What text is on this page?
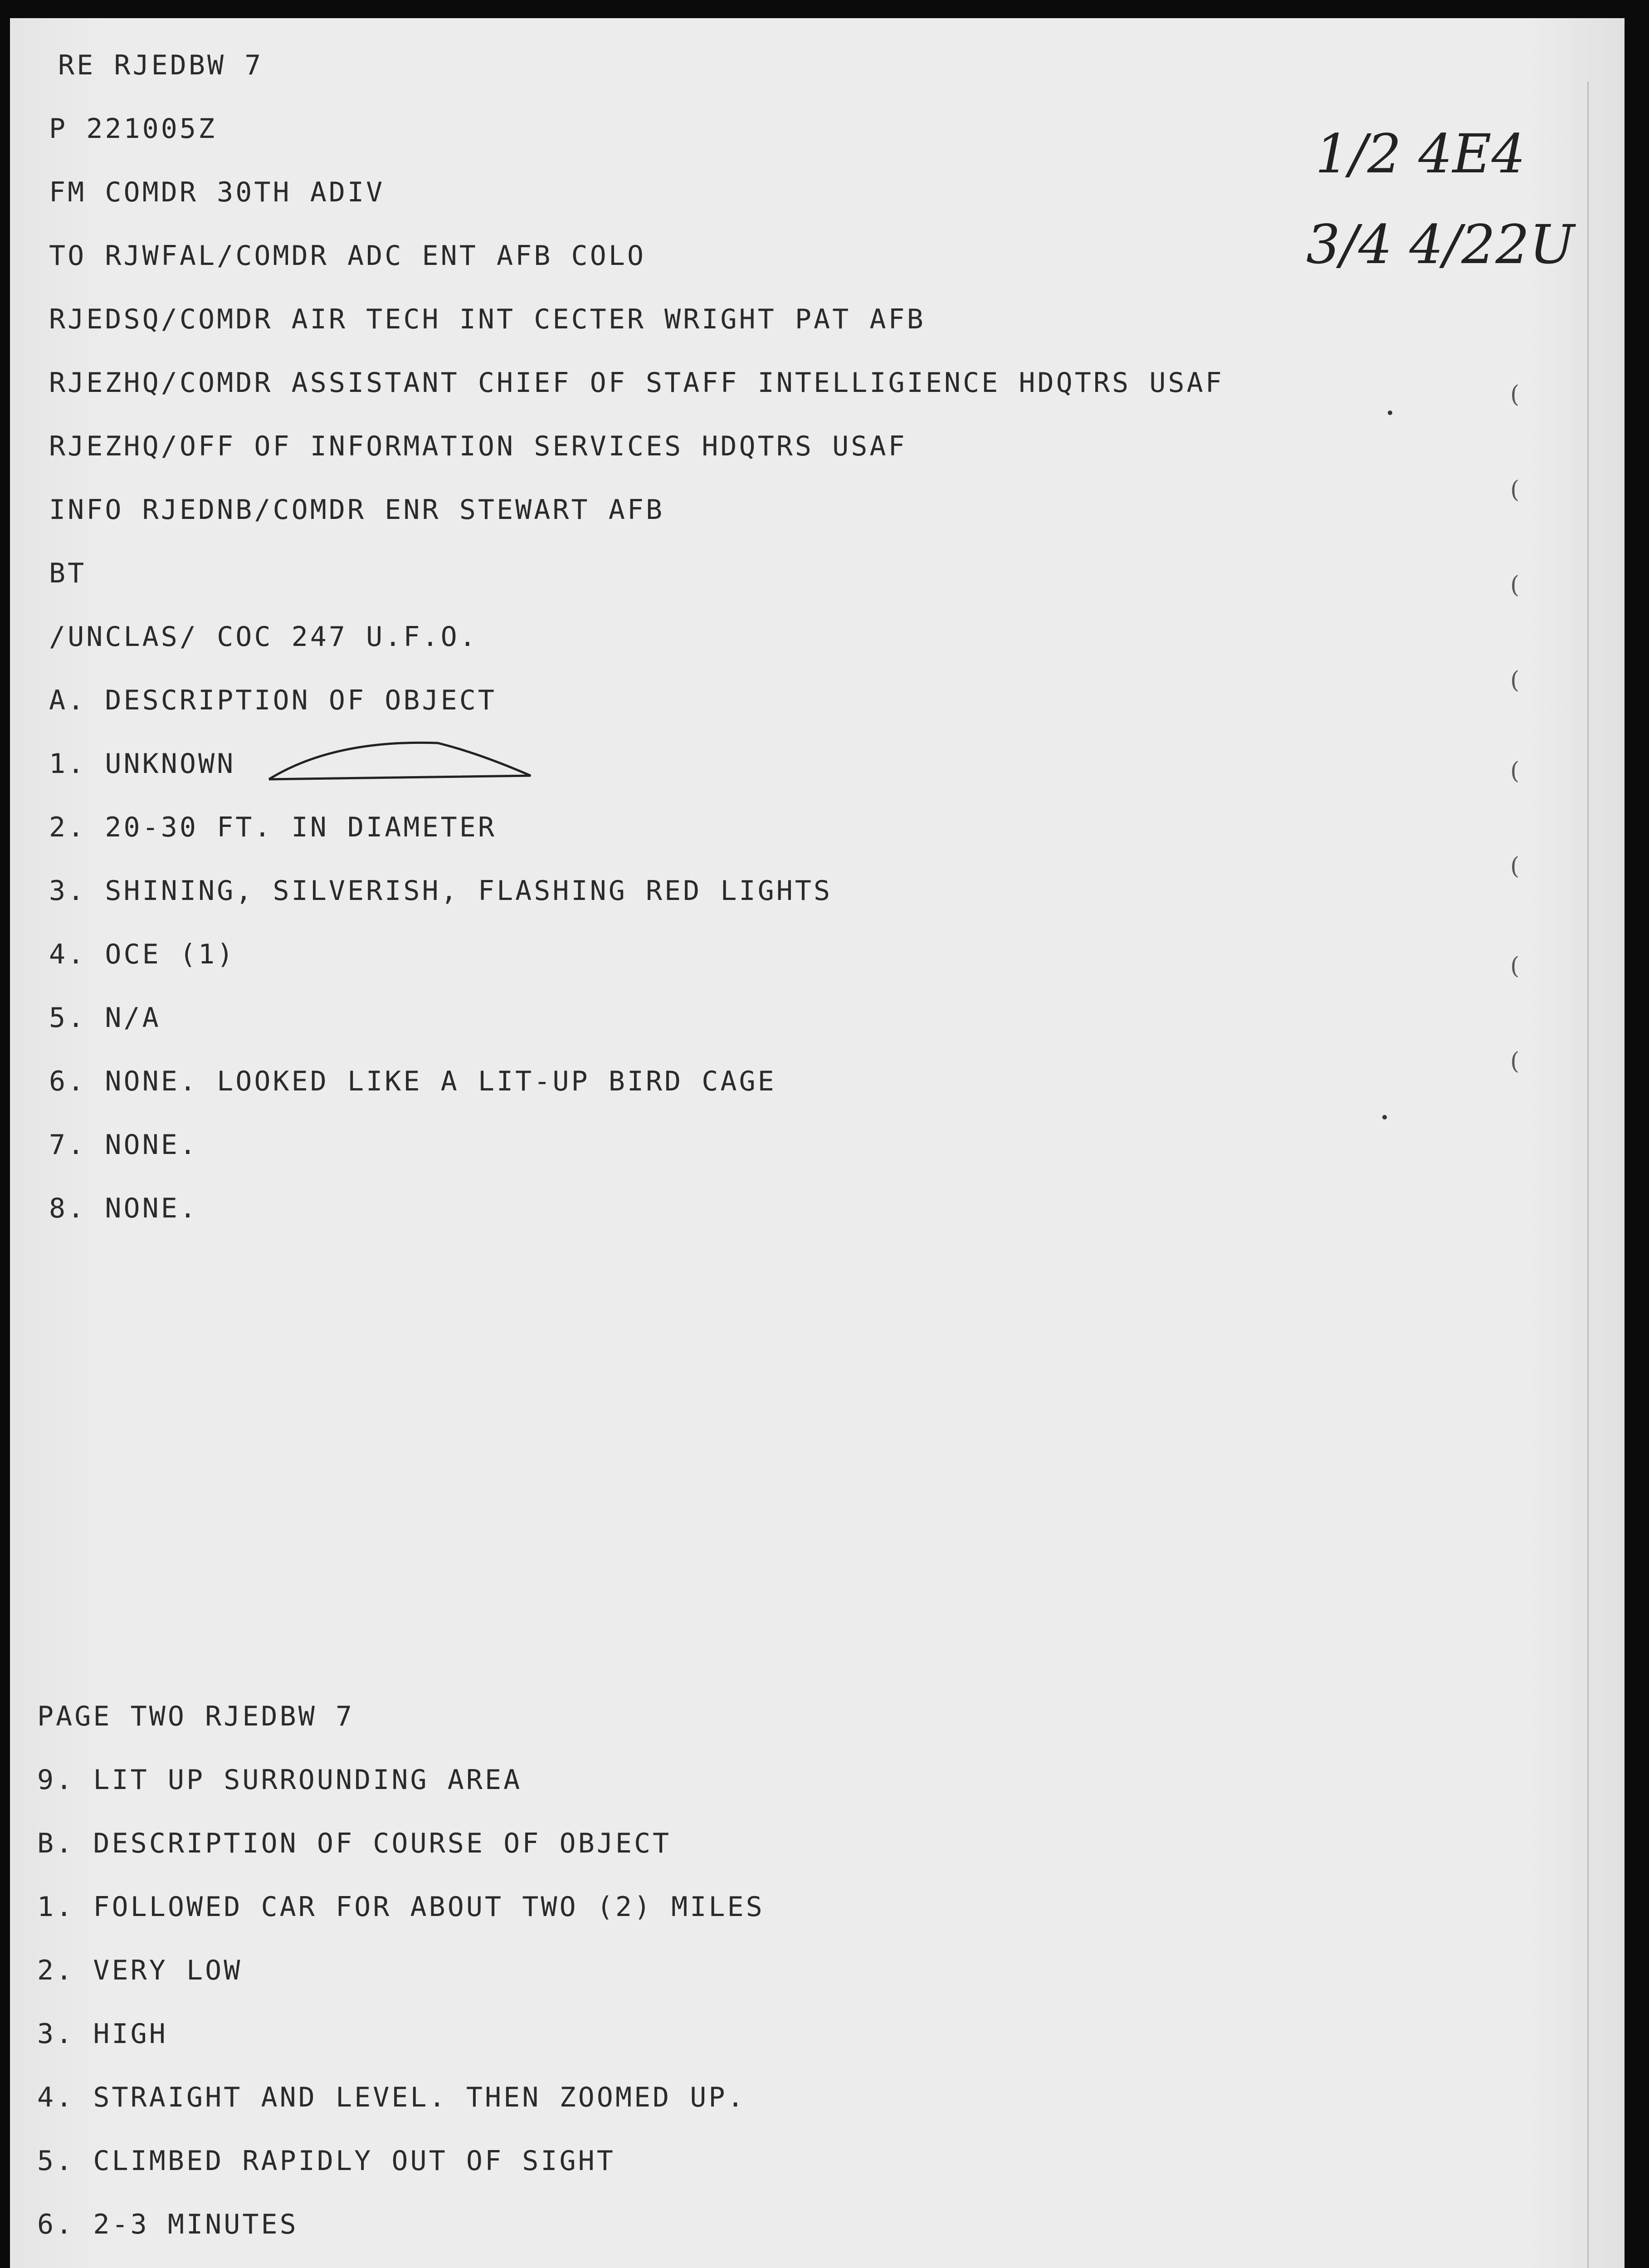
RE RJEDBW 7

P 221005Z

FM COMDR 30TH ADIV

TO RJWFAL/COMDR ADC ENT AFB COLO

RJEDSQ/COMDR AIR TECH INT CECTER WRIGHT PAT AFB

RJEZHQ/COMDR ASSISTANT CHIEF OF STAFF INTELLIGIENCE HDQTRS USAF

RJEZHQ/OFF OF INFORMATION SERVICES HDQTRS USAF

INFO RJEDNB/COMDR ENR STEWART AFB

BT

/UNCLAS/ COC 247 U.F.O.

A. DESCRIPTION OF OBJECT

1. UNKNOWN

2. 20-30 FT. IN DIAMETER

3. SHINING, SILVERISH, FLASHING RED LIGHTS

4. OCE (1)

5. N/A

6. NONE. LOOKED LIKE A LIT-UP BIRD CAGE

7. NONE.

8. NONE.

PAGE TWO RJEDBW 7

9. LIT UP SURROUNDING AREA

B. DESCRIPTION OF COURSE OF OBJECT

1. FOLLOWED CAR FOR ABOUT TWO (2) MILES

2. VERY LOW

3. HIGH

4. STRAIGHT AND LEVEL. THEN ZOOMED UP.

5. CLIMBED RAPIDLY OUT OF SIGHT

6. 2-3 MINUTES

1/2 4E4

3/4 4/22U

(
(
(
(
(
(
(
(
